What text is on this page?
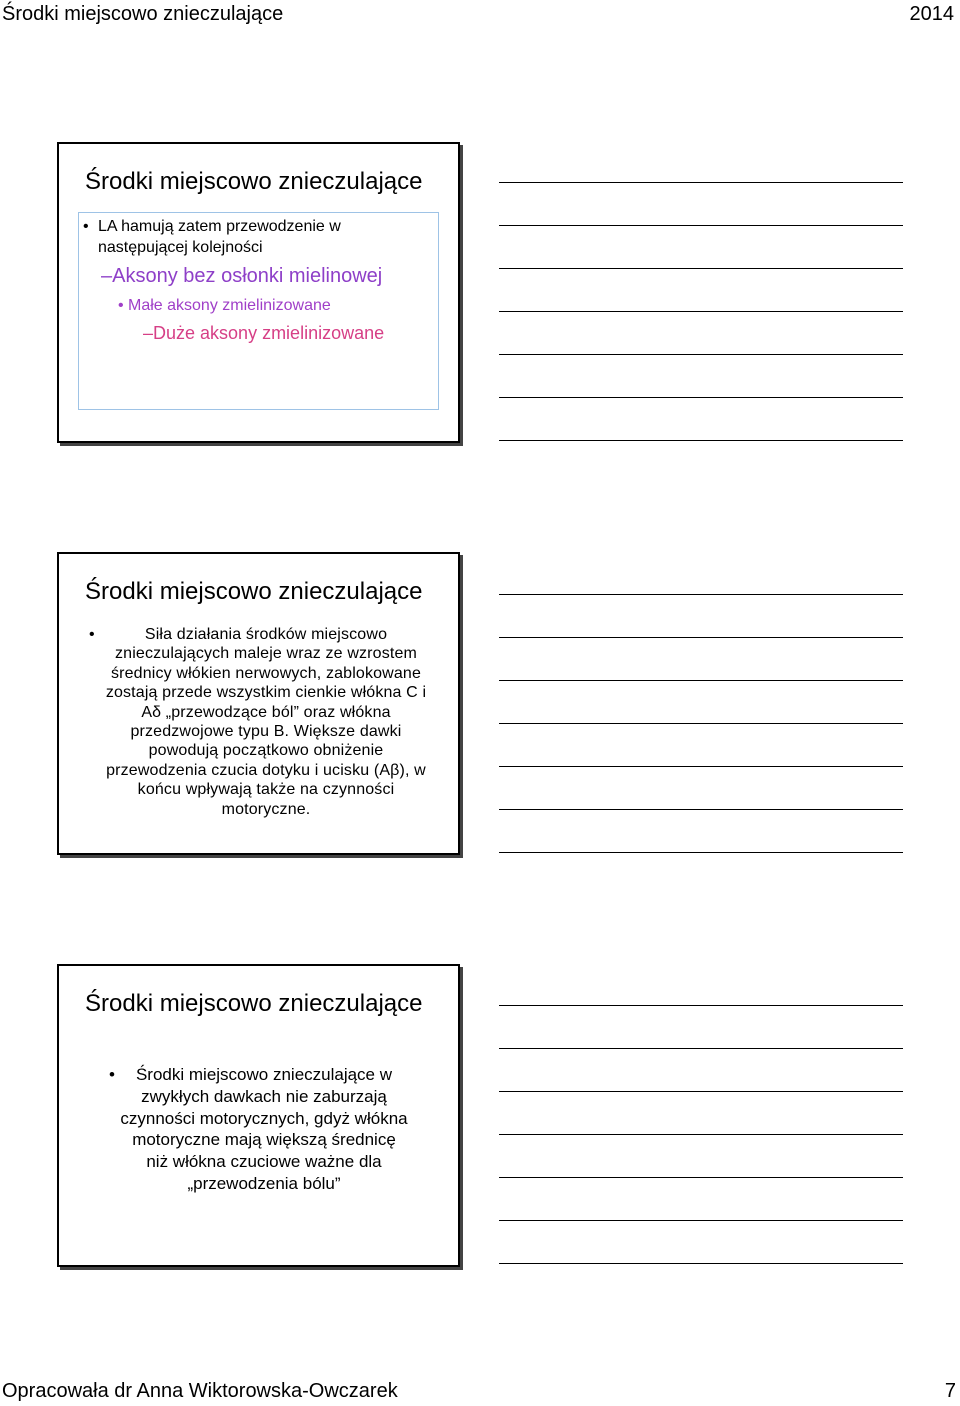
Środki miejscowo znieczulające	2014
Środki miejscowo znieczulające
• LA hamują zatem przewodzenie w następującej kolejności
–Aksony bez osłonki mielinowej
• Małe aksony zmielinizowane
–Duże aksony zmielinizowane
Środki miejscowo znieczulające
• Siła działania środków miejscowo znieczulających maleje wraz ze wzrostem średnicy włókien nerwowych, zablokowane zostają przede wszystkim cienkie włókna C i Aδ „przewodzące ból” oraz włókna przedzwojowe typu B. Większe dawki powodują początkowo obniżenie przewodzenia czucia dotyku i ucisku (Aβ), w końcu wpływają także na czynności motoryczne.
Środki miejscowo znieczulające
• Środki miejscowo znieczulające w zwykłych dawkach nie zaburzają czynności motorycznych, gdyż włókna motoryczne mają większą średnicę niż włókna czuciowe ważne dla „przewodzenia bólu”
Opracowała dr Anna Wiktorowska-Owczarek	7
